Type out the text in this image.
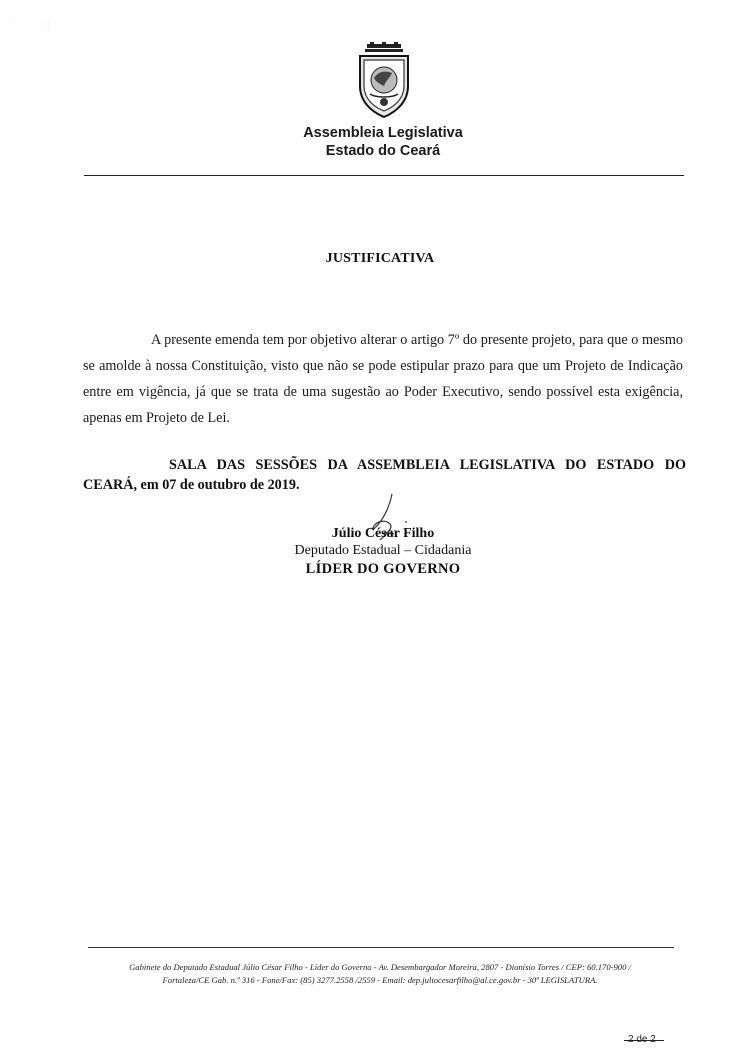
˙	:
Assembleia Legislativa
Estado do Ceará
JUSTIFICATIVA

A presente emenda tem por objetivo alterar o artigo 7º do presente projeto, para que o mesmo se amolde à nossa Constituição, visto que não se pode estipular prazo para que um Projeto de Indicação entre em vigência, já que se trata de uma sugestão ao Poder Executivo, sendo possível esta exigência, apenas em Projeto de Lei.

SALA DAS SESSÕES DA ASSEMBLEIA LEGISLATIVA DO ESTADO DO CEARÁ, em 07 de outubro de 2019.

Júlio César Filho
Deputado Estadual – Cidadania
LÍDER DO GOVERNO
Gabinete do Deputado Estadual Júlio César Filho - Líder do Governo - Av. Desembargador Moreira, 2807 - Dionísio Torres / CEP: 60.170-900 /
Fortaleza/CE Gab. n.º 316 - Fone/Fax: (85) 3277.2558 /2559 - Email: dep.juliocesarfilho@al.ce.gov.br - 30ª LEGISLATURA.
2 de 2
